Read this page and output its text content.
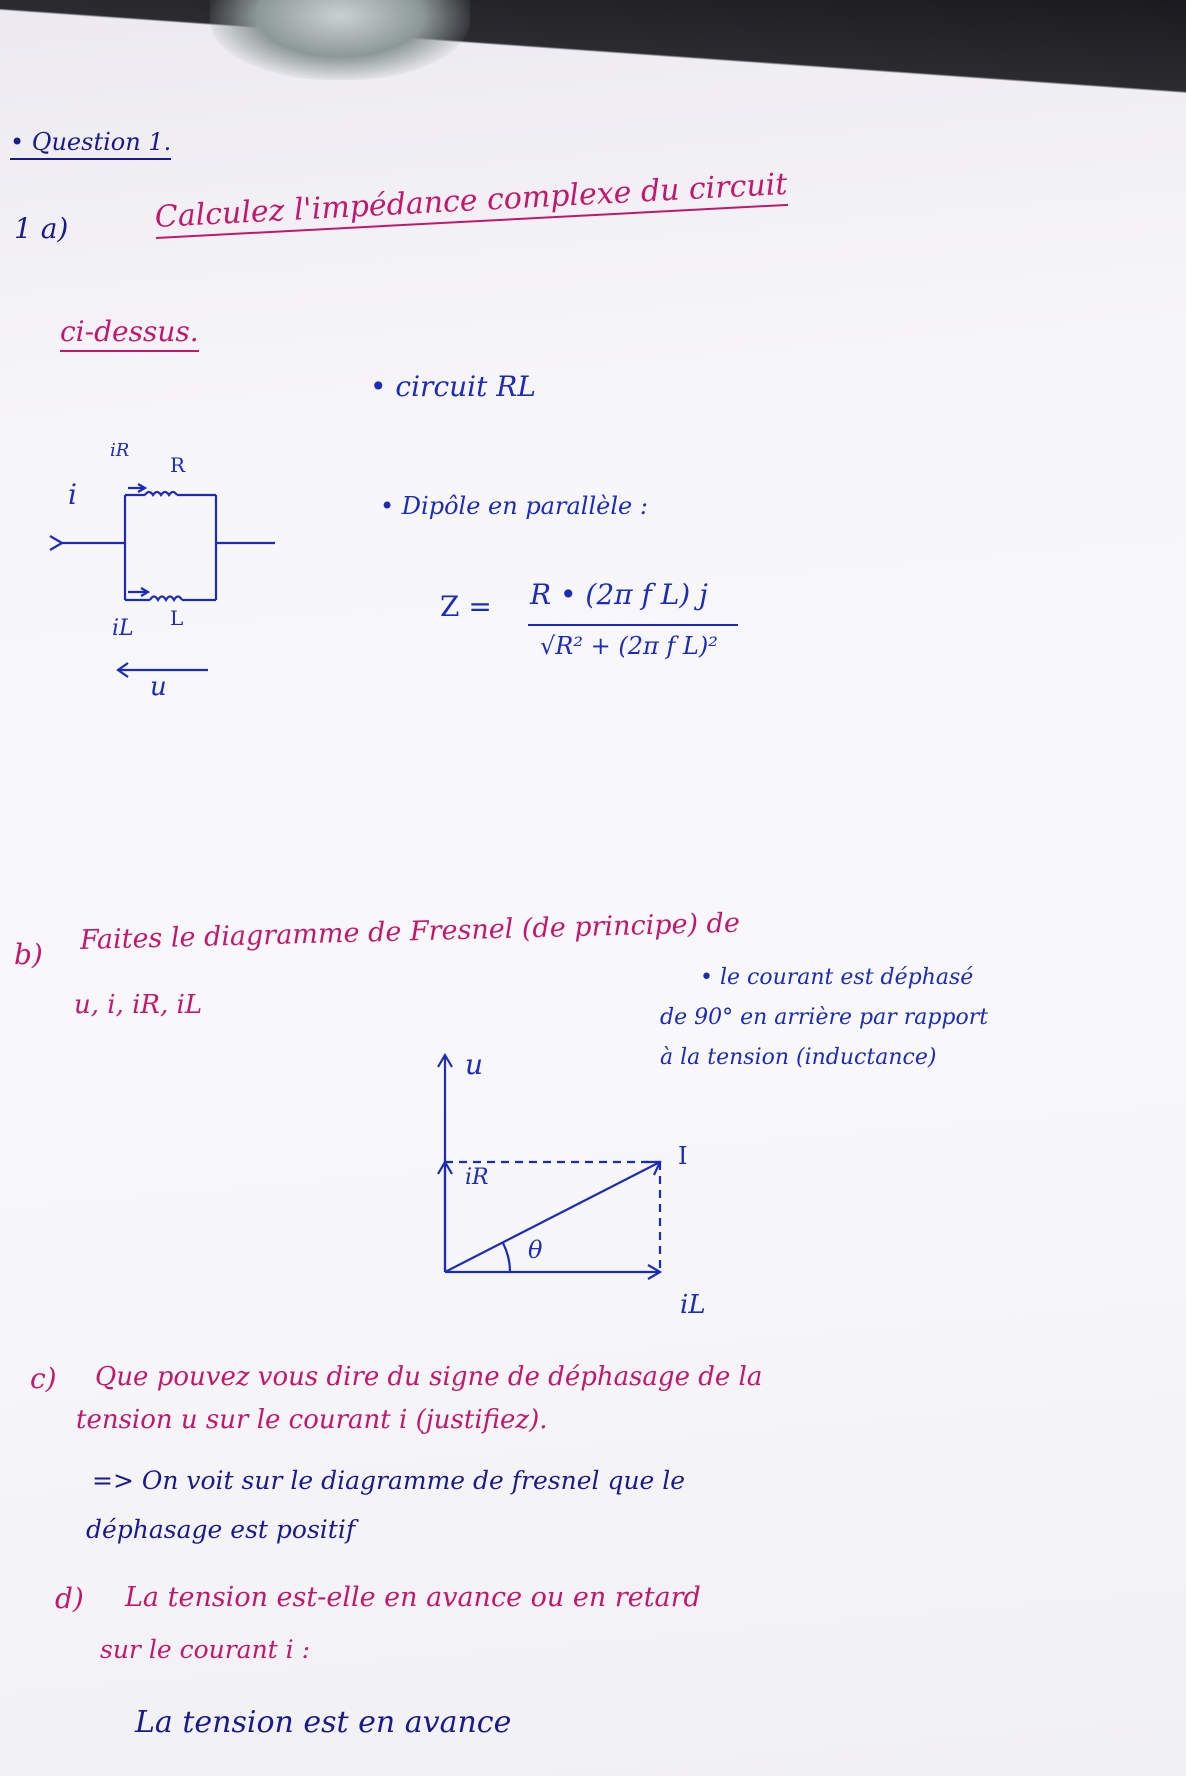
• Question 1.
1 a)	Calculez l'impédance complexe du circuit
ci-dessus.
• circuit RL
• Dipôle en parallèle :
i
iR
R
iL L
u
Z = R • (2π f L) j
√R² + (2π f L)²
b) Faites le diagramme de Fresnel (de principe) de
u, i, iR, iL
• le courant est déphasé
de 90° en arrière par rapport
à la tension (inductance)
u
iR
I
θ
iL
c) Que pouvez vous dire du signe de déphasage de la
tension u sur le courant i (justifiez).
=> On voit sur le diagramme de fresnel que le
déphasage est positif
d) La tension est-elle en avance ou en retard
sur le courant i :
La tension est en avance
